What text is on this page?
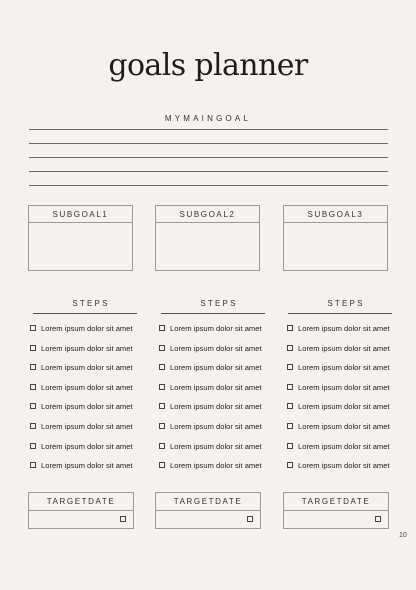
goals planner
MYMAINGOAL
SUBGOAL1	SUBGOAL2	SUBGOAL3
STEPS	STEPS	STEPS
Lorem ipsum dolor sit amet
Lorem ipsum dolor sit amet
Lorem ipsum dolor sit amet
Lorem ipsum dolor sit amet
Lorem ipsum dolor sit amet
Lorem ipsum dolor sit amet
Lorem ipsum dolor sit amet
Lorem ipsum dolor sit amet
Lorem ipsum dolor sit amet
Lorem ipsum dolor sit amet
Lorem ipsum dolor sit amet
Lorem ipsum dolor sit amet
Lorem ipsum dolor sit amet
Lorem ipsum dolor sit amet
Lorem ipsum dolor sit amet
Lorem ipsum dolor sit amet
Lorem ipsum dolor sit amet
Lorem ipsum dolor sit amet
Lorem ipsum dolor sit amet
Lorem ipsum dolor sit amet
Lorem ipsum dolor sit amet
Lorem ipsum dolor sit amet
Lorem ipsum dolor sit amet
Lorem ipsum dolor sit amet
TARGETDATE	TARGETDATE	TARGETDATE
10
